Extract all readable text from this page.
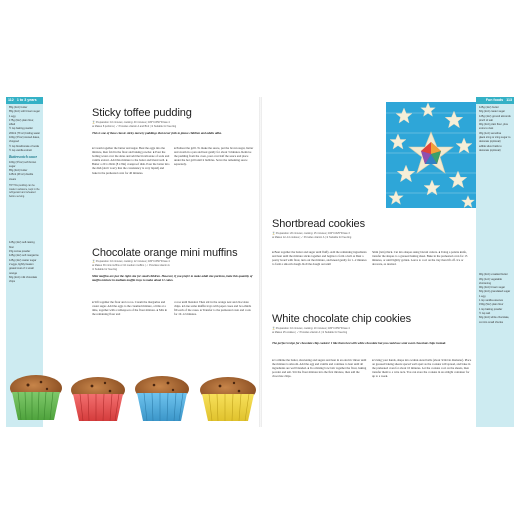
112 1 to 3 years
85g (3oz) butter
85g (3oz) soft brown sugar
1 egg
175g (6oz) plain flour, sifted
½ tsp baking powder
200ml (7fl oz) boiling water
100g (3½oz) stoned dates, chopped
½ tsp bicarbonate of soda
½ tsp vanilla extract
Butterscotch sauce
100g (3½oz) soft brown sugar
85g (3oz) butter
125ml (4fl oz) double cream
TIP This pudding can be made in advance, kept in the refrigerator and reheated before serving.
125g (4oz) self-raising flour
15g cocoa powder
125g (4oz) soft margarine
125g (4oz) caster sugar
2 eggs, lightly beaten
grated zest of 1 small orange
60g (2oz) milk chocolate chips
Sticky toffee pudding
⌛ Preparation: 10 minutes; cooking: 40 minutes | 180°C/350°F/Gas 4
⊕ Makes 8 portions | ✓ Provides vitamin A and B12 | ❄ Suitable for freezing
This is one of those classic sticky nursery puddings that never fails to please children and adults alike.
● Cream together the butter and sugar. Beat the eggs into the mixture, then fold in the flour and baking powder. ● Pour the boiling water over the dates and add the bicarbonate of soda and vanilla extract. Add this mixture to the batter and blend well. ● Butter a 20 x 20cm (8 x 8in) ovenproof dish. Pour the batter into the dish (don't worry that the consistency is very liquid) and bake in the preheated oven for 40 minutes.
● Preheat the grill. To make the sauce, put the brown sugar, butter and cream in a pan and heat gently for about 3 minutes. Remove the pudding from the oven, pour over half the sauce and place under the hot grill until it bubbles. Serve the remaining sauce separately.
Chocolate orange mini muffins
⌛ Preparation: 10 minutes; cooking: 12 minutes | 180°C/350°F/Gas 4
⊕ Makes 36 mini muffins or 10 medium muffins | ✓ Provides vitamin A
❄ Suitable for freezing
Mini muffins are just the right size for small children. However, if you prefer to make adult size portions, bake this quantity of muffin mixture in medium muffin trays to make about 11 cakes.
● Sift together the flour and cocoa. Cream the margarine and caster sugar. Add the eggs to the creamed mixture, a little at a time, together with a tablespoon of the flour mixture. ● Mix in the remaining flour and
cocoa until blended. Then stir in the orange zest and chocolate chips. ● Line some muffin trays with paper cases and two-thirds fill each of the cases. ● Transfer to the preheated oven and cook for 10–12 minutes.
Fun foods 113
125g (4oz) butter
60g (2oz) caster sugar
125g (4oz) ground almonds
pinch of salt
90g (3oz) plain flour, plus extra to dust
30g (1oz) semolina
glacé icing or icing sugar to decorate (optional)
edible silver balls to decorate (optional)
90g (3oz) unsalted butter
30g (1oz) vegetable shortening
90g (3oz) brown sugar
60g (2oz) granulated sugar
1 egg
1 tsp vanilla essence
150g (5oz) plain flour
1 tsp baking powder
½ tsp salt
60g (2oz) white chocolate, cut into small chunks
Shortbread cookies
⌛ Preparation: 20 minutes; cooking: 15 minutes | 160°C/325°F/Gas 3
⊕ Makes 12–14 cookies | ✓ Provides vitamin A | ❄ Suitable for freezing
● Beat together the butter and sugar until fluffy. Add the remaining ingredients and beat until the mixture sticks together and begins to form a ball. ● Dust a pastry board with flour, turn out the mixture, and knead gently for 1–2 minutes to form a smooth dough. Roll the dough out until
5mm (¼in) thick. Cut into shapes using biscuit cutters. ● Using a palette knife, transfer the shapes to a greased baking sheet. Bake in the preheated oven for 15 minutes, or until lightly golden. Leave to cool on the tray then lift off. Ice or decorate, as desired.
White chocolate chip cookies
⌛ Preparation: 10 minutes; cooking: 10 minutes | 180°C/350°F/Gas 4
⊕ Makes 25 cookies | ✓ Provides vitamin A | ❄ Suitable for freezing
The perfect recipe for chocolate chip cookies! I like them best with white chocolate but you could use semi sweet chocolate chips instead.
● Combine the butter, shortening and sugars and beat in an electric mixer until the mixture is smooth. Add the egg and vanilla and continue to beat until all ingredients are well blended. ● In a mixing bowl stir together the flour, baking powder and salt. Stir the flour mixture into the first mixture, then add the chocolate chips.
● Using your hands, shape into walnut-sized balls (about 3cm/1in diameter). Place on greased baking sheets spaced well apart as the cookies will spread, and bake in the preheated oven for about 10 minutes. Let the cookies cool on the sheets, then transfer them to a wire rack. You can store the cookies in an airtight container for up to a week.
